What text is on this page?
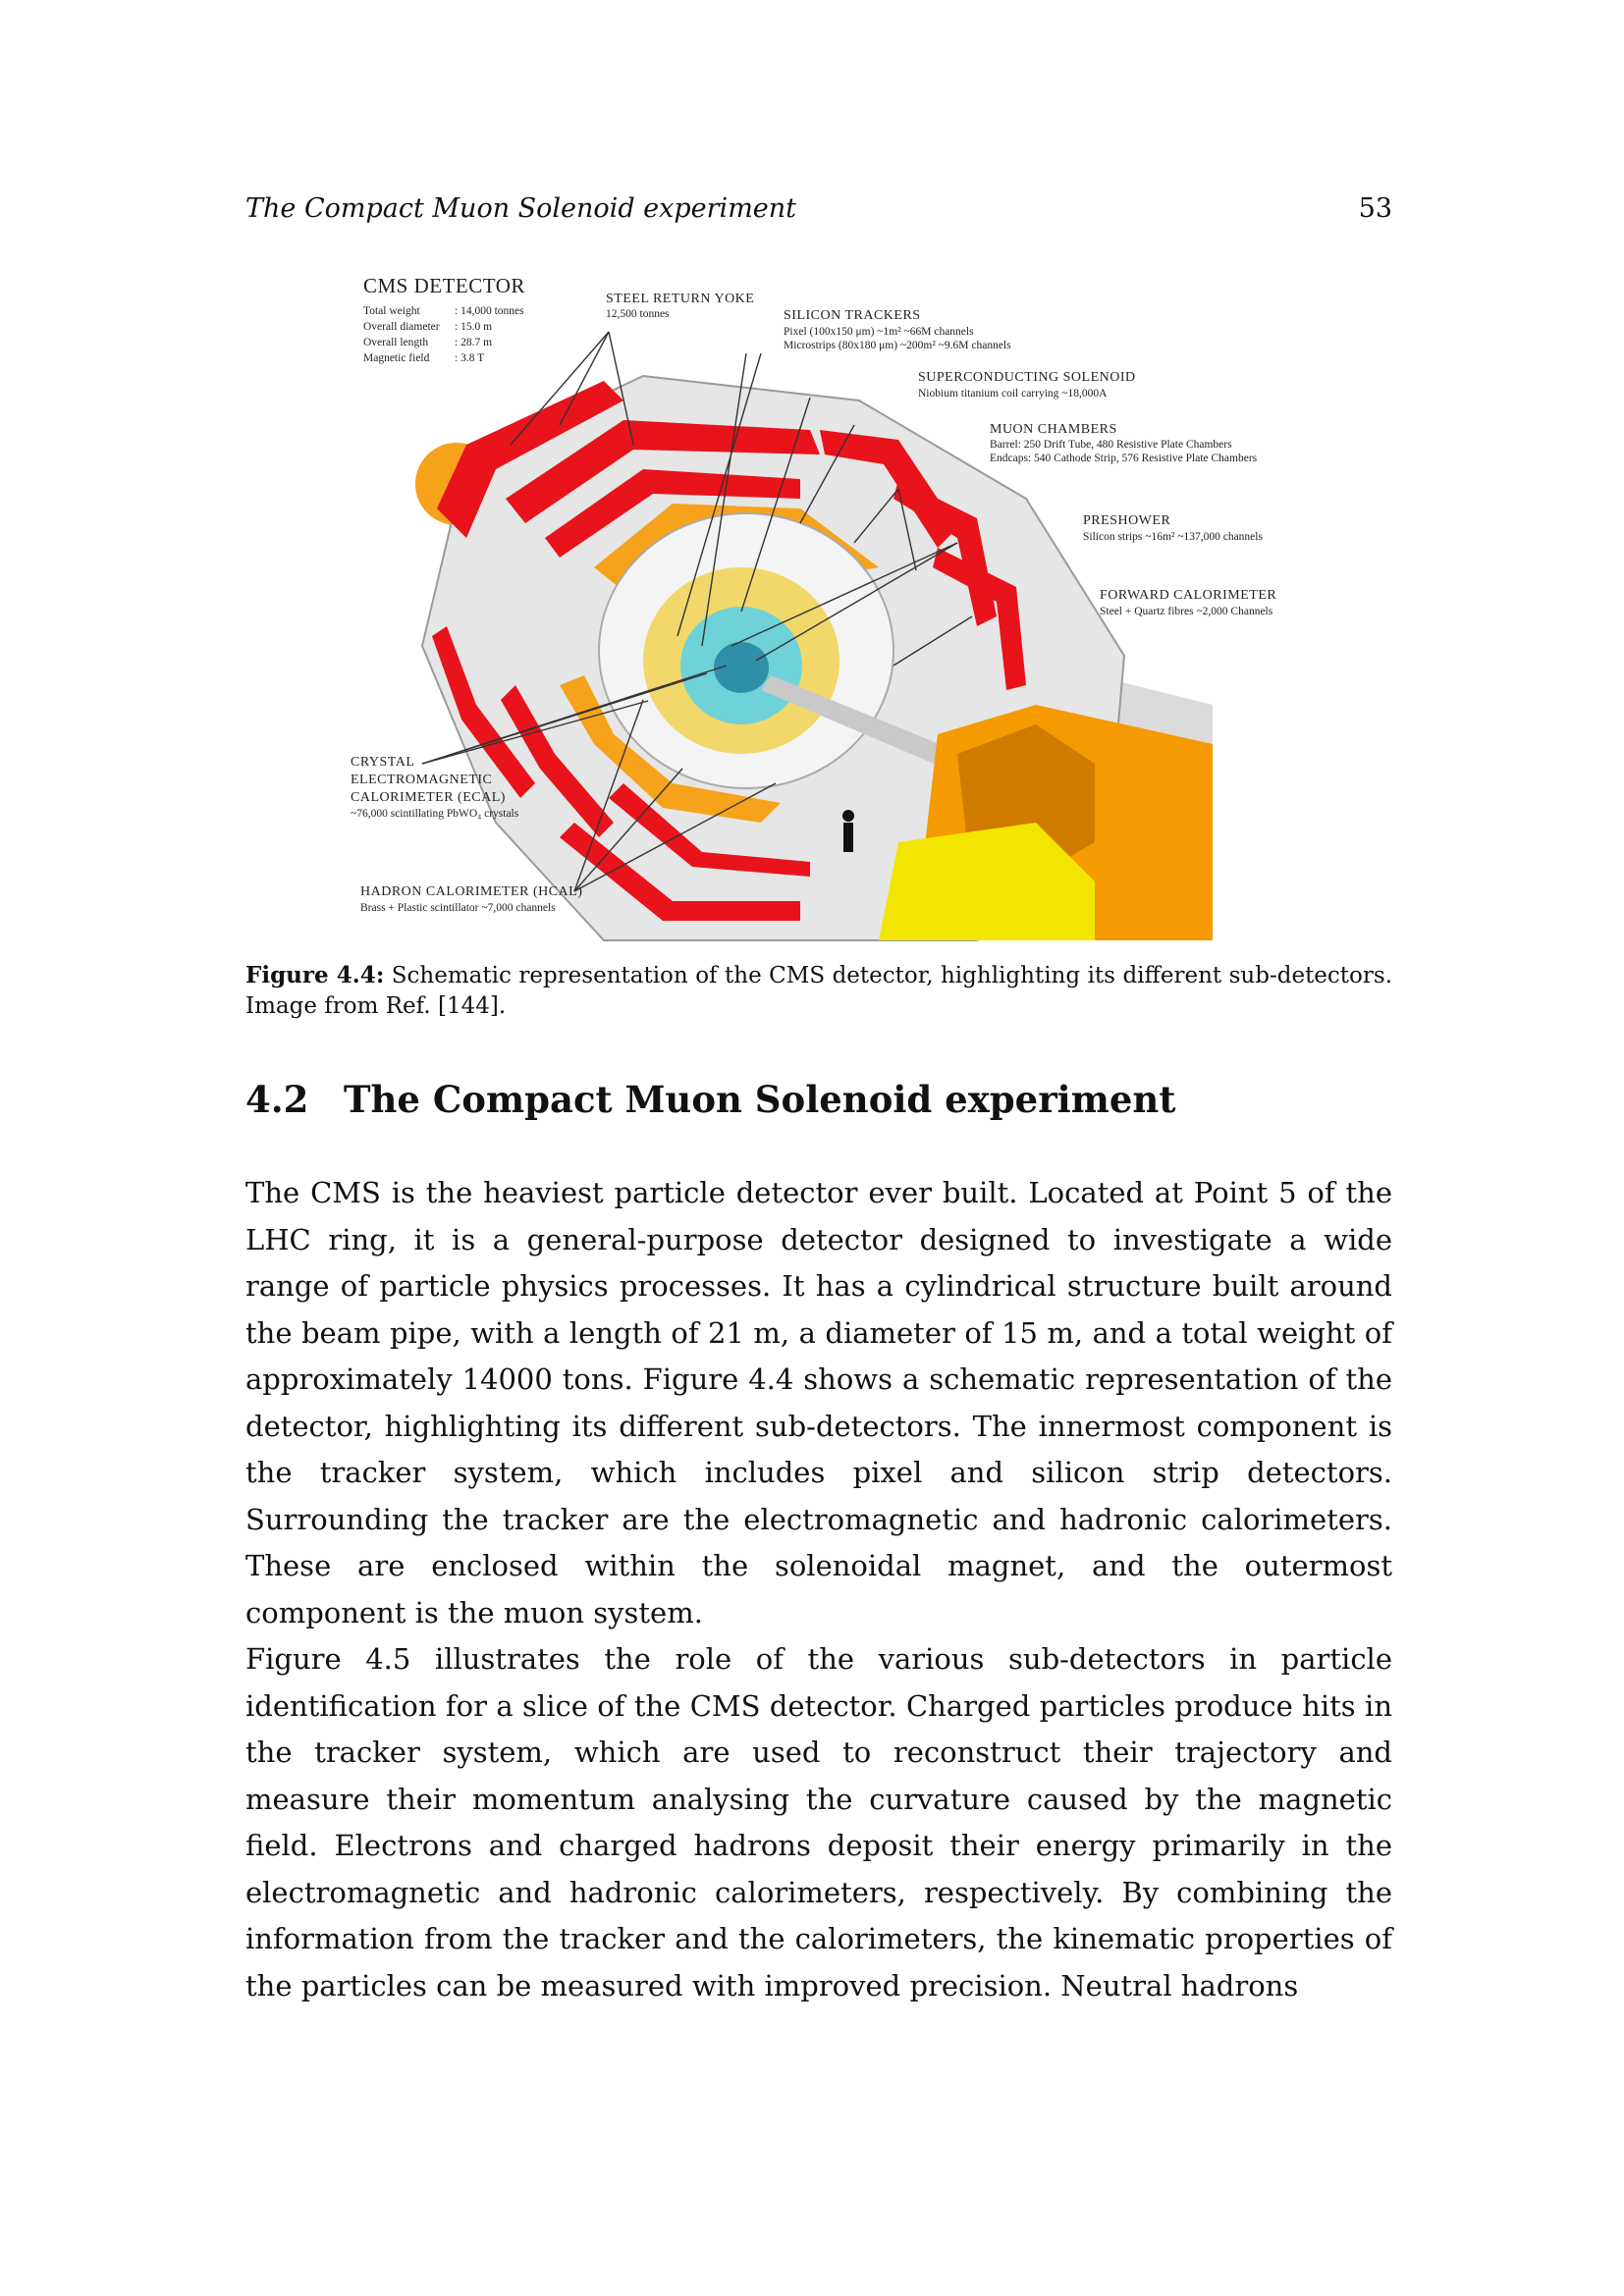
The Compact Muon Solenoid experiment	53
CMS DETECTOR
Total weight	: 14,000 tonnes
Overall diameter : 15.0 m
Overall length : 28.7 m
Magnetic field : 3.8 T
STEEL RETURN YOKE
12,500 tonnes	SILICON TRACKERS
Pixel (100x150 μm) ~1m² ~66M channels
Microstrips (80x180 μm) ~200m² ~9.6M channels
SUPERCONDUCTING SOLENOID
Niobium titanium coil carrying ~18,000A
MUON CHAMBERS
Barrel: 250 Drift Tube, 480 Resistive Plate Chambers
Endcaps: 540 Cathode Strip, 576 Resistive Plate Chambers
PRESHOWER
Silicon strips ~16m² ~137,000 channels
FORWARD CALORIMETER
Steel + Quartz fibres ~2,000 Channels
CRYSTAL
ELECTROMAGNETIC
CALORIMETER (ECAL)
~76,000 scintillating PbWO₄ crystals
HADRON CALORIMETER (HCAL)
Brass + Plastic scintillator ~7,000 channels
Figure 4.4: Schematic representation of the CMS detector, highlighting its different sub-detectors. Image from Ref. [144].
4.2 The Compact Muon Solenoid experiment

The CMS is the heaviest particle detector ever built. Located at Point 5 of the LHC ring, it is a general-purpose detector designed to investigate a wide range of particle physics processes. It has a cylindrical structure built around the beam pipe, with a length of 21 m, a diameter of 15 m, and a total weight of approximately 14000 tons. Figure 4.4 shows a schematic representation of the detector, highlighting its different sub-detectors. The innermost component is the tracker system, which includes pixel and silicon strip detectors. Surrounding the tracker are the electromagnetic and hadronic calorimeters. These are enclosed within the solenoidal magnet, and the outermost component is the muon system.

Figure 4.5 illustrates the role of the various sub-detectors in particle identification for a slice of the CMS detector. Charged particles produce hits in the tracker system, which are used to reconstruct their trajectory and measure their momentum analysing the curvature caused by the magnetic field. Electrons and charged hadrons deposit their energy primarily in the electromagnetic and hadronic calorimeters, respectively. By combining the information from the tracker and the calorimeters, the kinematic properties of the particles can be measured with improved precision. Neutral hadrons
